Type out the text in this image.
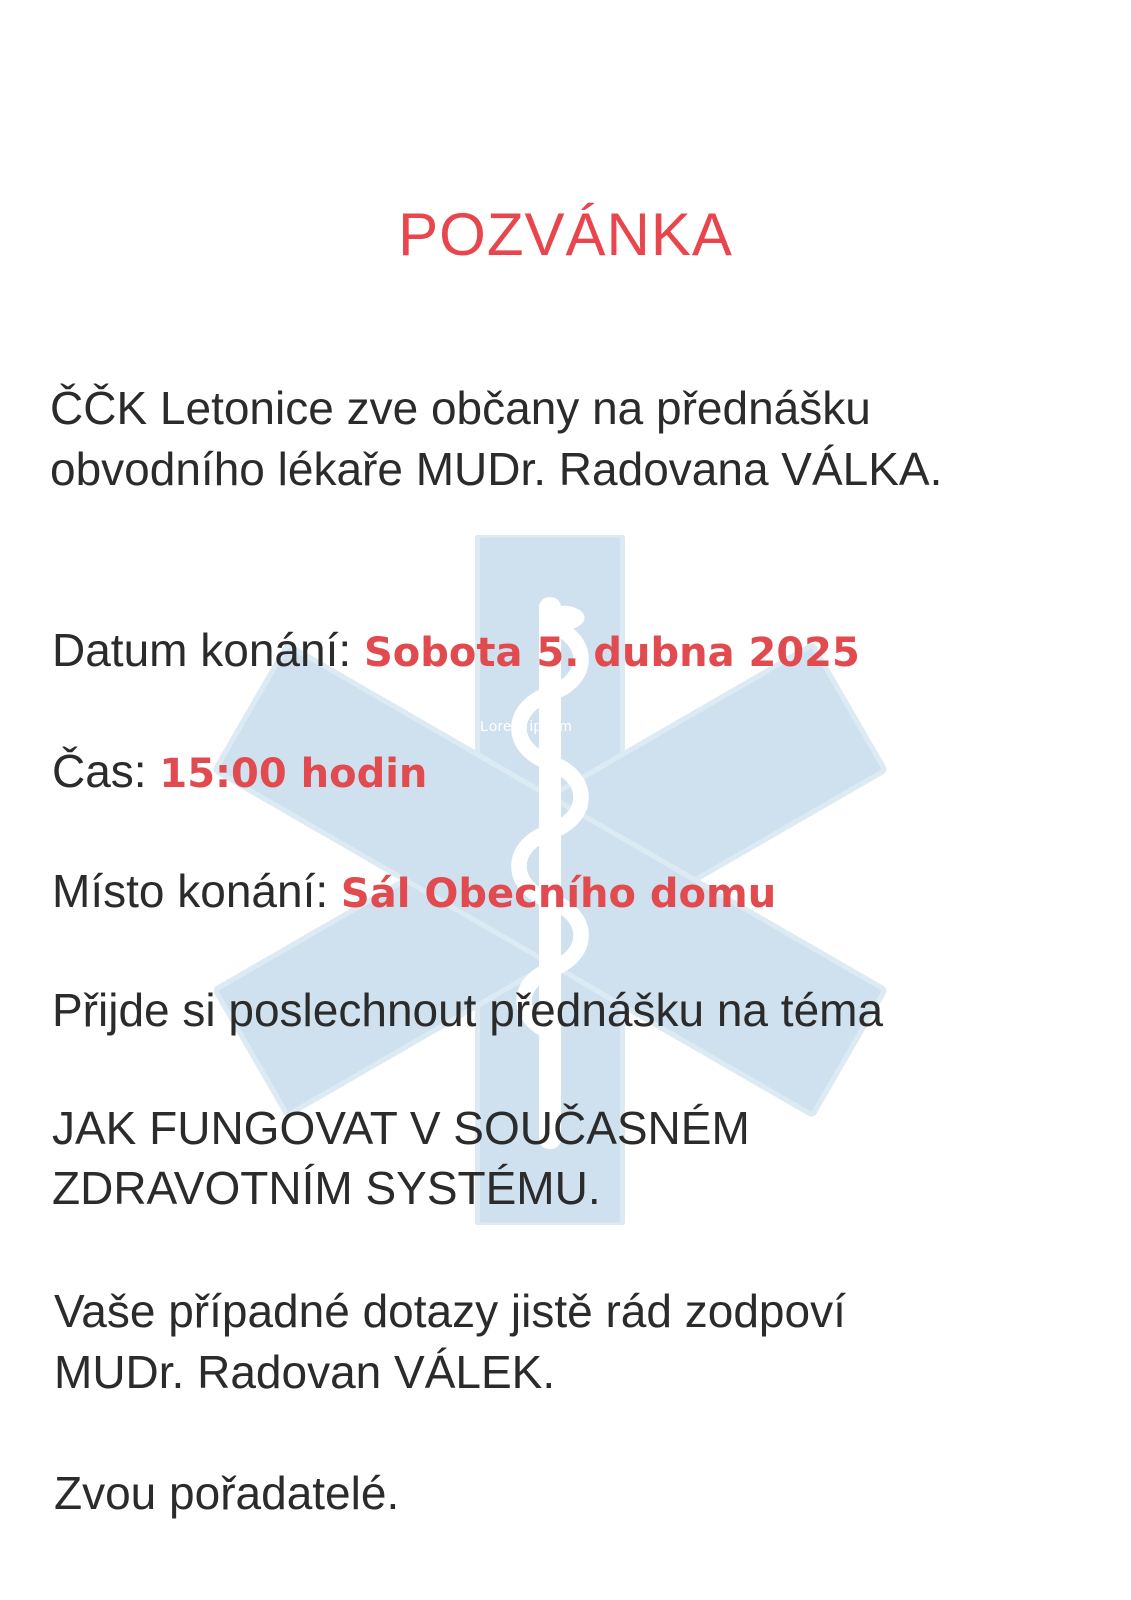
Lorem ipsum
POZVÁNKA
ČČK Letonice zve občany na přednášku
obvodního lékaře MUDr. Radovana VÁLKA.
Datum konání: Sobota 5. dubna 2025
Čas: 15:00 hodin
Místo konání: Sál Obecního domu
Přijde si poslechnout přednášku na téma
JAK FUNGOVAT V SOUČASNÉM
ZDRAVOTNÍM SYSTÉMU.
Vaše případné dotazy jistě rád zodpoví
MUDr. Radovan VÁLEK.
Zvou pořadatelé.
